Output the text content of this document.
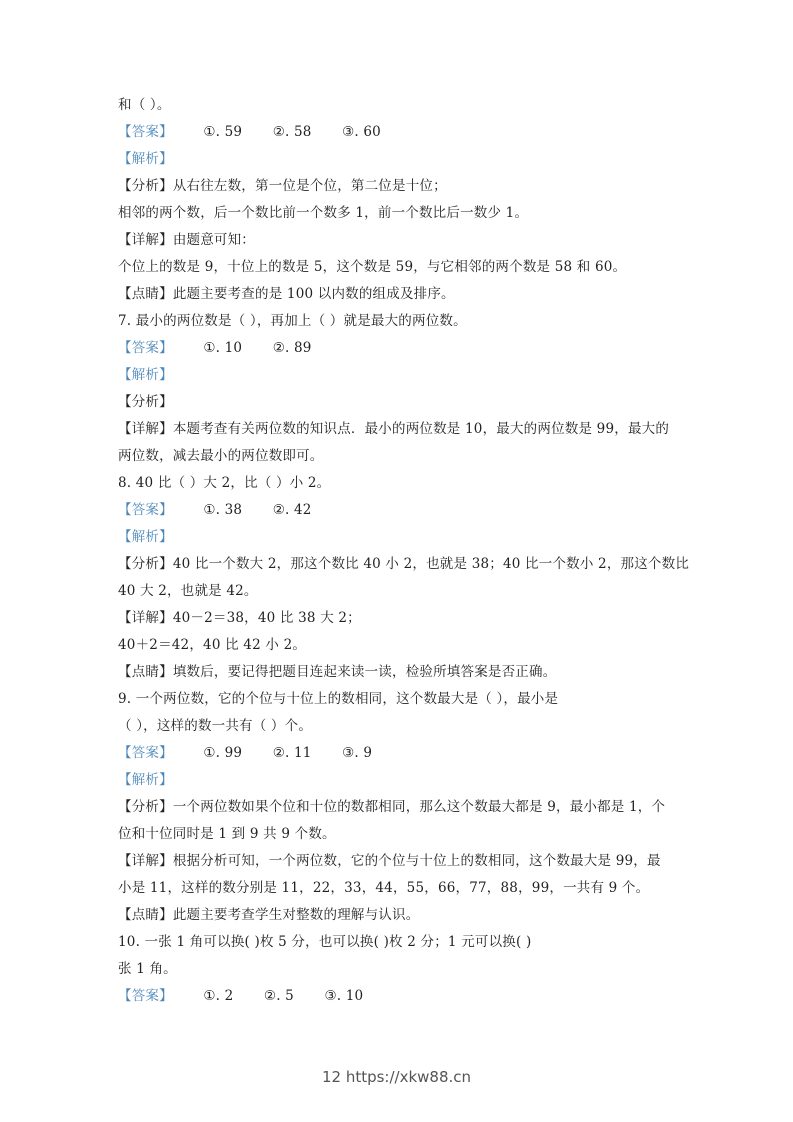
和（ ）。
【答案】 ①. 59 ②. 58 ③. 60
【解析】
【分析】从右往左数，第一位是个位，第二位是十位；
相邻的两个数，后一个数比前一个数多 1，前一个数比后一数少 1。
【详解】由题意可知：
个位上的数是 9，十位上的数是 5，这个数是 59，与它相邻的两个数是 58 和 60。
【点睛】此题主要考查的是 100 以内数的组成及排序。
7. 最小的两位数是（ ），再加上（ ）就是最大的两位数。
【答案】 ①. 10 ②. 89
【解析】
【分析】
【详解】本题考查有关两位数的知识点．最小的两位数是 10，最大的两位数是 99，最大的
两位数，减去最小的两位数即可。
8. 40 比（ ）大 2，比（ ）小 2。
【答案】 ①. 38 ②. 42
【解析】
【分析】40 比一个数大 2，那这个数比 40 小 2，也就是 38；40 比一个数小 2，那这个数比
40 大 2，也就是 42。
【详解】40－2＝38，40 比 38 大 2；
40＋2＝42，40 比 42 小 2。
【点睛】填数后，要记得把题目连起来读一读，检验所填答案是否正确。
9. 一个两位数，它的个位与十位上的数相同，这个数最大是（ ），最小是
（ ），这样的数一共有（ ）个。
【答案】 ①. 99 ②. 11 ③. 9
【解析】
【分析】一个两位数如果个位和十位的数都相同，那么这个数最大都是 9，最小都是 1，个
位和十位同时是 1 到 9 共 9 个数。
【详解】根据分析可知，一个两位数，它的个位与十位上的数相同，这个数最大是 99，最
小是 11，这样的数分别是 11，22，33，44，55，66，77，88，99，一共有 9 个。
【点睛】此题主要考查学生对整数的理解与认识。
10. 一张 1 角可以换( )枚 5 分，也可以换( )枚 2 分；1 元可以换( )
张 1 角。
【答案】 ①. 2 ②. 5 ③. 10
12 https://xkw88.cn
